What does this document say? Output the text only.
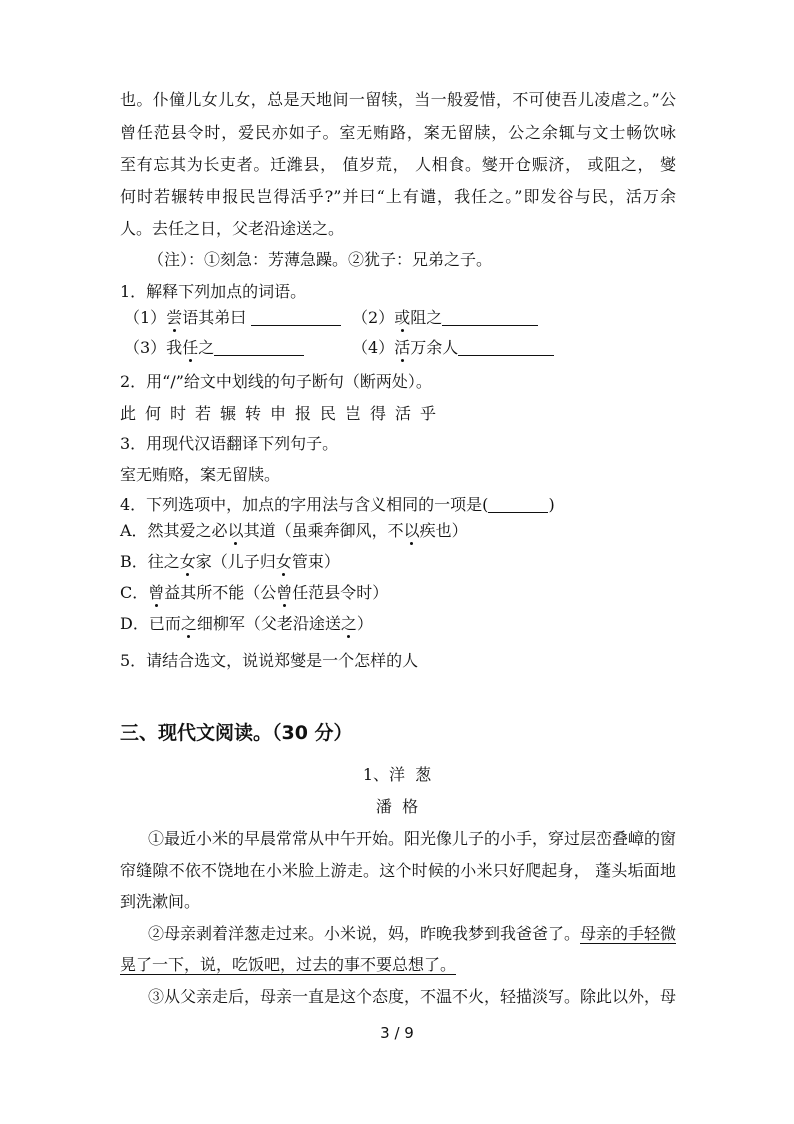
也。仆僮儿女儿女，总是天地间一留犊，当一般爱惜，不可使吾儿凌虐之。”公
曾任范县令时，爱民亦如子。室无贿路，案无留牍，公之余辄与文士畅饮咏
至有忘其为长吏者。迁潍县， 值岁荒， 人相食。燮开仓赈济， 或阻之， 燮
何时若辗转申报民岂得活乎?”并曰“上有谴，我任之。”即发谷与民，活万余
人。去任之日，父老沿途送之。
（注）：①刻急：芳薄急躁。②犹子：兄弟之子。
1．解释下列加点的词语。
（1）尝语其弟曰	（2）或阻之
（3）我任之	（4）活万余人
2．用“/”给文中划线的句子断句（断两处）。
此何时若辗转申报民岂得活乎
3．用现代汉语翻译下列句子。
室无贿赂，案无留牍。
4．下列选项中，加点的字用法与含义相同的一项是(	)
A．然其爱之必以其道（虽乘奔御风，不以疾也）
B．往之女家（儿子归女管束）
C．曾益其所不能（公曾任范县令时）
D．已而之细柳军（父老沿途送之）
5．请结合选文，说说郑燮是一个怎样的人
三、现代文阅读。（30 分）
1、洋  葱
潘  格
①最近小米的早晨常常从中午开始。阳光像儿子的小手，穿过层峦叠嶂的窗
帘缝隙不依不饶地在小米脸上游走。这个时候的小米只好爬起身， 蓬头垢面地
到洗漱间。
②母亲剥着洋葱走过来。小米说，妈，昨晚我梦到我爸爸了。母亲的手轻微
晃了一下，说，吃饭吧，过去的事不要总想了。
③从父亲走后，母亲一直是这个态度，不温不火，轻描淡写。除此以外，母
3 / 9
